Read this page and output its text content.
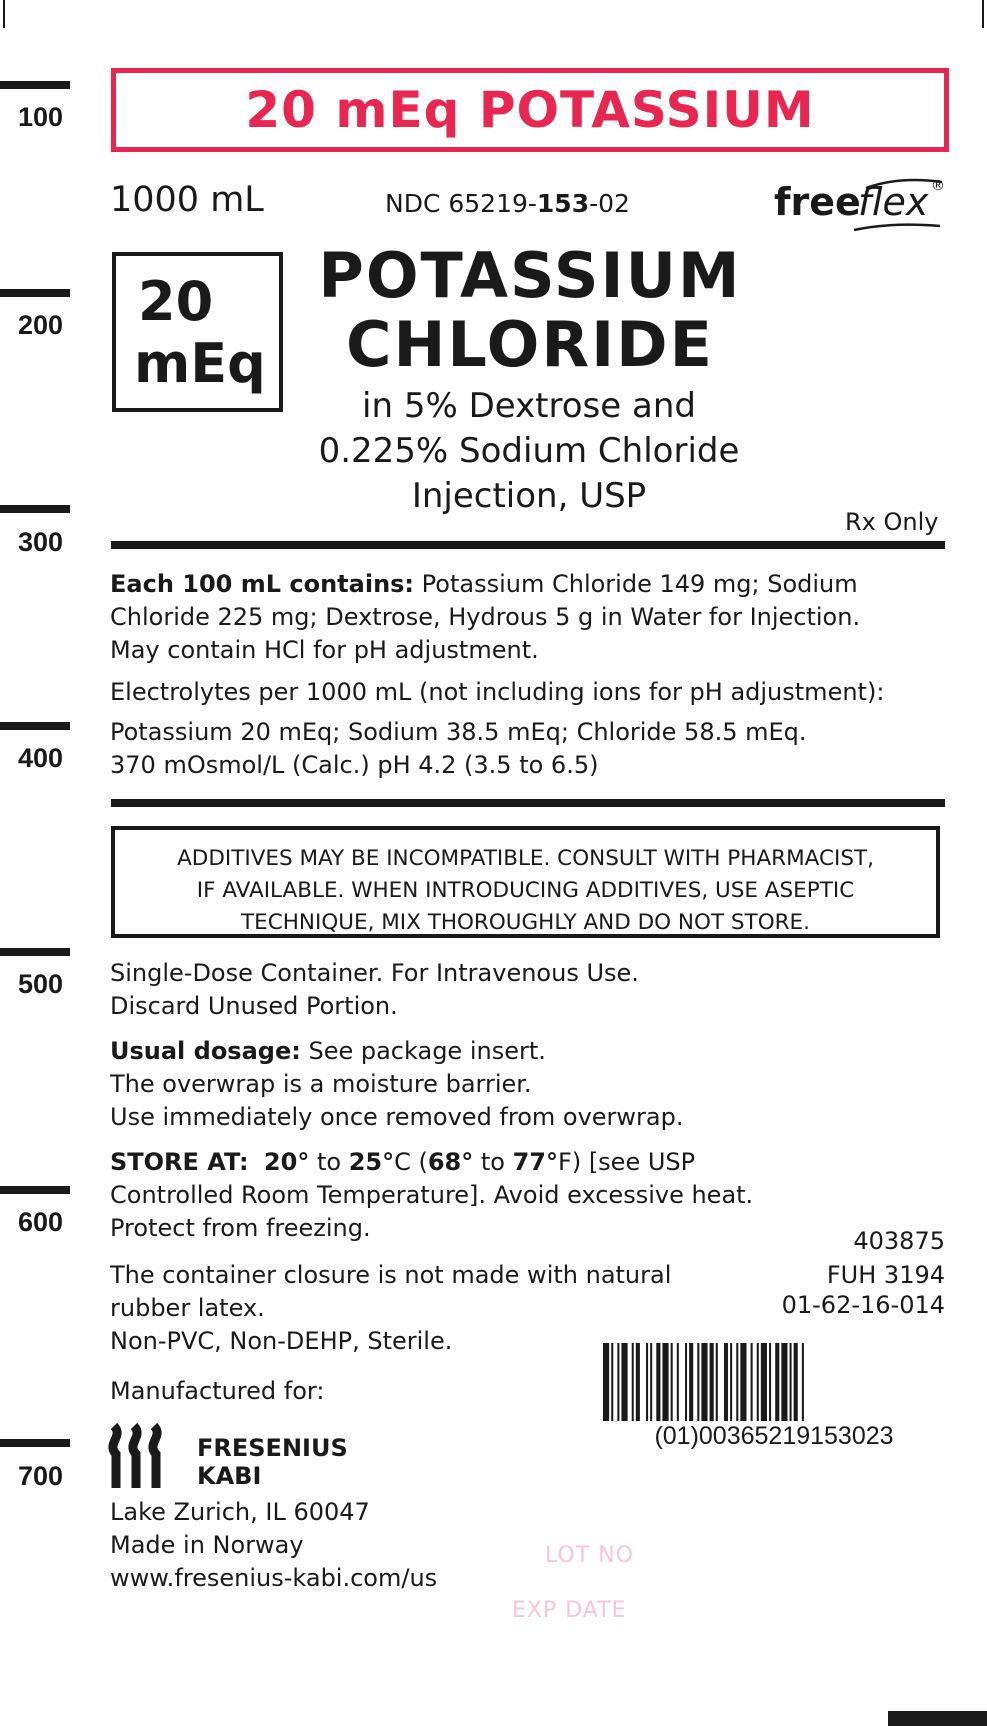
100
200
300
400
500
600
700
20 mEq POTASSIUM
1000 mL	NDC 65219-153-02	free
flex ®
20
mEq
POTASSIUM
CHLORIDE
in 5% Dextrose and
0.225% Sodium Chloride
Injection, USP
Rx Only
Each 100 mL contains: Potassium Chloride 149 mg; Sodium
Chloride 225 mg; Dextrose, Hydrous 5 g in Water for Injection.
May contain HCl for pH adjustment.
Electrolytes per 1000 mL (not including ions for pH adjustment):
Potassium 20 mEq; Sodium 38.5 mEq; Chloride 58.5 mEq.
370 mOsmol/L (Calc.) pH 4.2 (3.5 to 6.5)
ADDITIVES MAY BE INCOMPATIBLE. CONSULT WITH PHARMACIST,
IF AVAILABLE. WHEN INTRODUCING ADDITIVES, USE ASEPTIC
TECHNIQUE, MIX THOROUGHLY AND DO NOT STORE.
Single-Dose Container. For Intravenous Use.
Discard Unused Portion.
Usual dosage: See package insert.
The overwrap is a moisture barrier.
Use immediately once removed from overwrap.
STORE AT: 20° to 25°C (68° to 77°F) [see USP
Controlled Room Temperature]. Avoid excessive heat.
Protect from freezing.
The container closure is not made with natural
rubber latex.
Non-PVC, Non-DEHP, Sterile.
403875
FUH 3194
01-62-16-014
(01)00365219153023
Manufactured for:
FRESENIUS
KABI
Lake Zurich, IL 60047
Made in Norway
www.fresenius-kabi.com/us
LOT NO
EXP DATE
